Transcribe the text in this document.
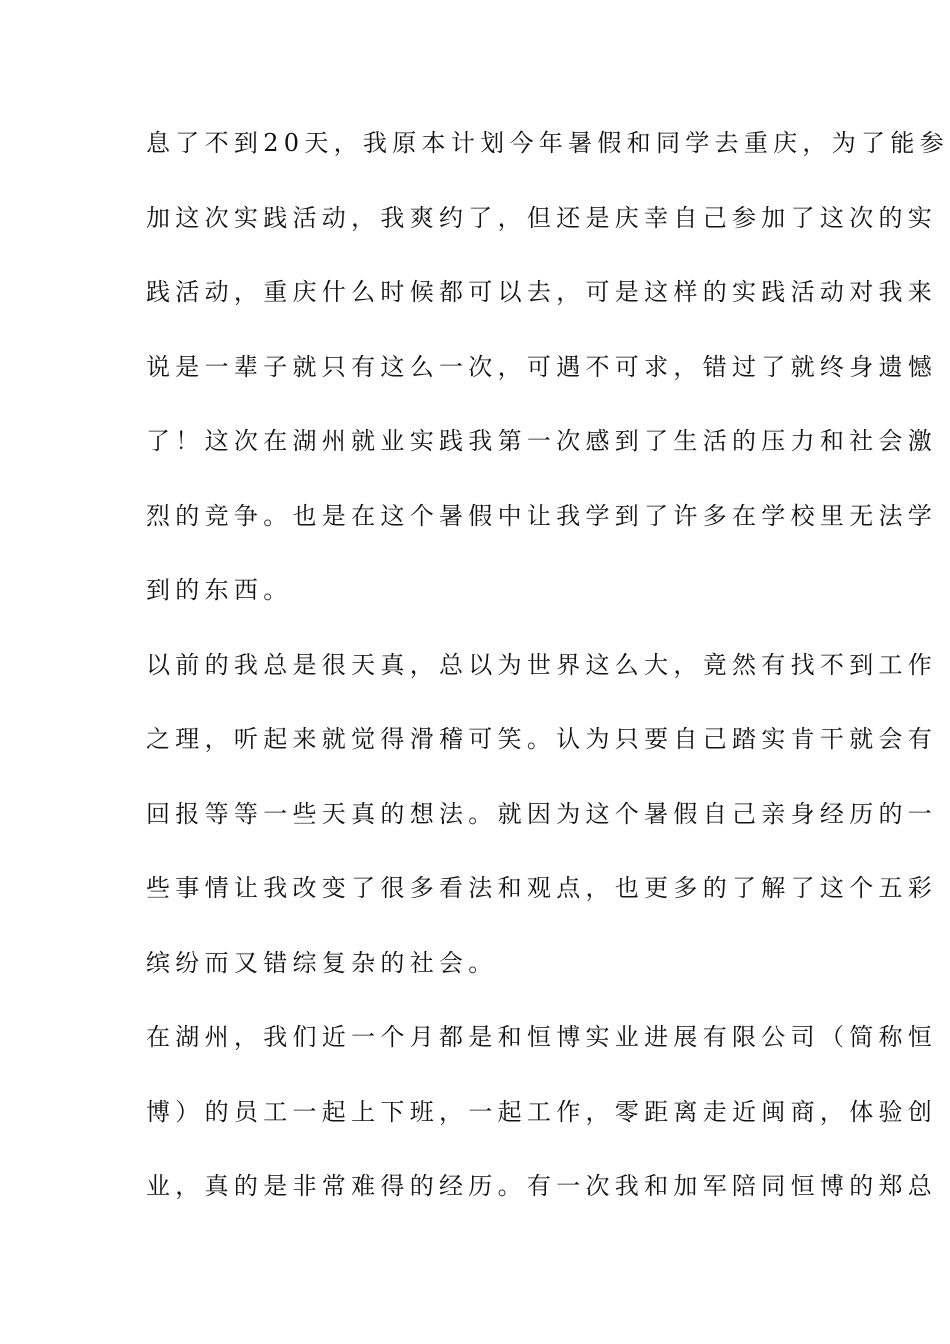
息了不到20天，我原本计划今年暑假和同学去重庆，为了能参
加这次实践活动，我爽约了，但还是庆幸自己参加了这次的实
践活动，重庆什么时候都可以去，可是这样的实践活动对我来
说是一辈子就只有这么一次，可遇不可求，错过了就终身遗憾
了！这次在湖州就业实践我第一次感到了生活的压力和社会激
烈的竞争。也是在这个暑假中让我学到了许多在学校里无法学
到的东西。
以前的我总是很天真，总以为世界这么大，竟然有找不到工作
之理，听起来就觉得滑稽可笑。认为只要自己踏实肯干就会有
回报等等一些天真的想法。就因为这个暑假自己亲身经历的一
些事情让我改变了很多看法和观点，也更多的了解了这个五彩
缤纷而又错综复杂的社会。
在湖州，我们近一个月都是和恒博实业进展有限公司（简称恒
博）的员工一起上下班，一起工作，零距离走近闽商，体验创
业，真的是非常难得的经历。有一次我和加军陪同恒博的郑总
